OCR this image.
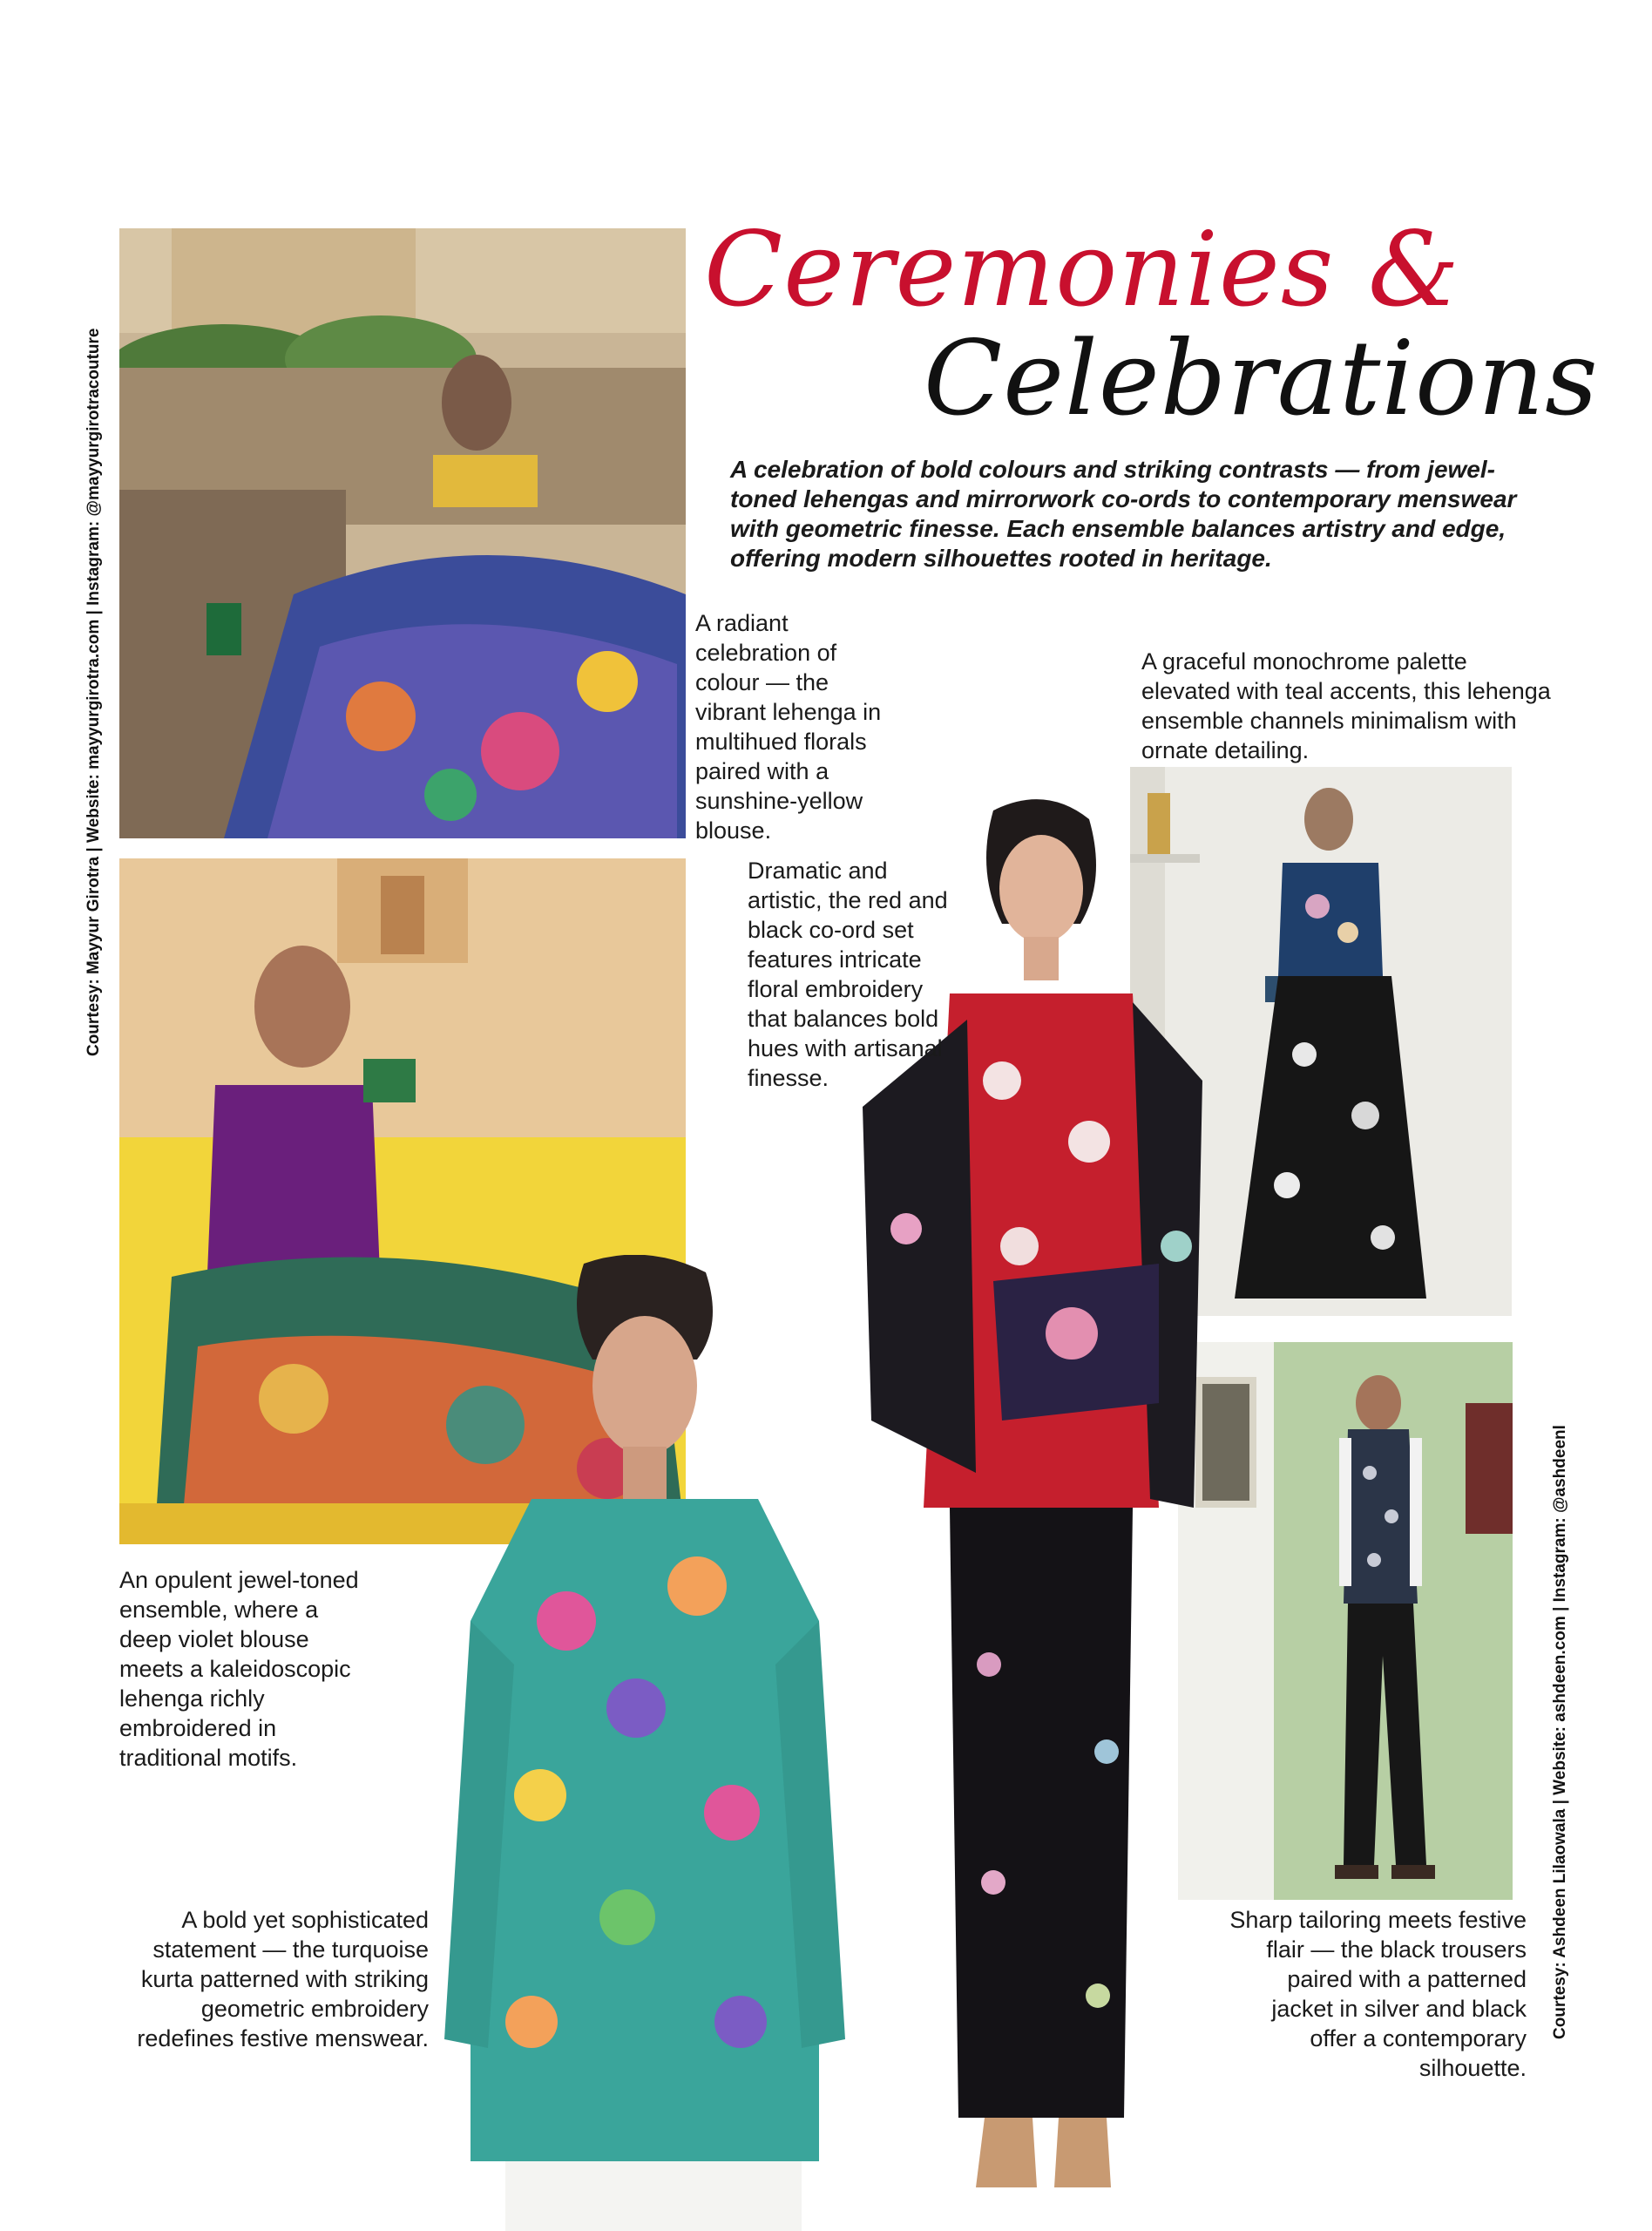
Ceremonies &
Celebrations
A celebration of bold colours and striking contrasts — from jewel-toned lehengas and mirrorwork co-ords to contemporary menswear with geometric finesse. Each ensemble balances artistry and edge, offering modern silhouettes rooted in heritage.
A radiant celebration of colour — the vibrant lehenga in multihued florals paired with a sunshine-yellow blouse.
A graceful monochrome palette elevated with teal accents, this lehenga ensemble channels minimalism with ornate detailing.
Dramatic and artistic, the red and black co-ord set features intricate floral embroidery that balances bold hues with artisanal finesse.
An opulent jewel-toned ensemble, where a deep violet blouse meets a kaleidoscopic lehenga richly embroidered in traditional motifs.
A bold yet sophisticated statement — the turquoise kurta patterned with striking geometric embroidery redefines festive menswear.
Sharp tailoring meets festive flair — the black trousers paired with a patterned jacket in silver and black offer a contemporary silhouette.
Courtesy: Mayyur Girotra | Website: mayyurgirotra.com | Instagram: @mayyurgirotracouture
Courtesy: Ashdeen Lilaowala | Website: ashdeen.com | Instagram: @ashdeenl
